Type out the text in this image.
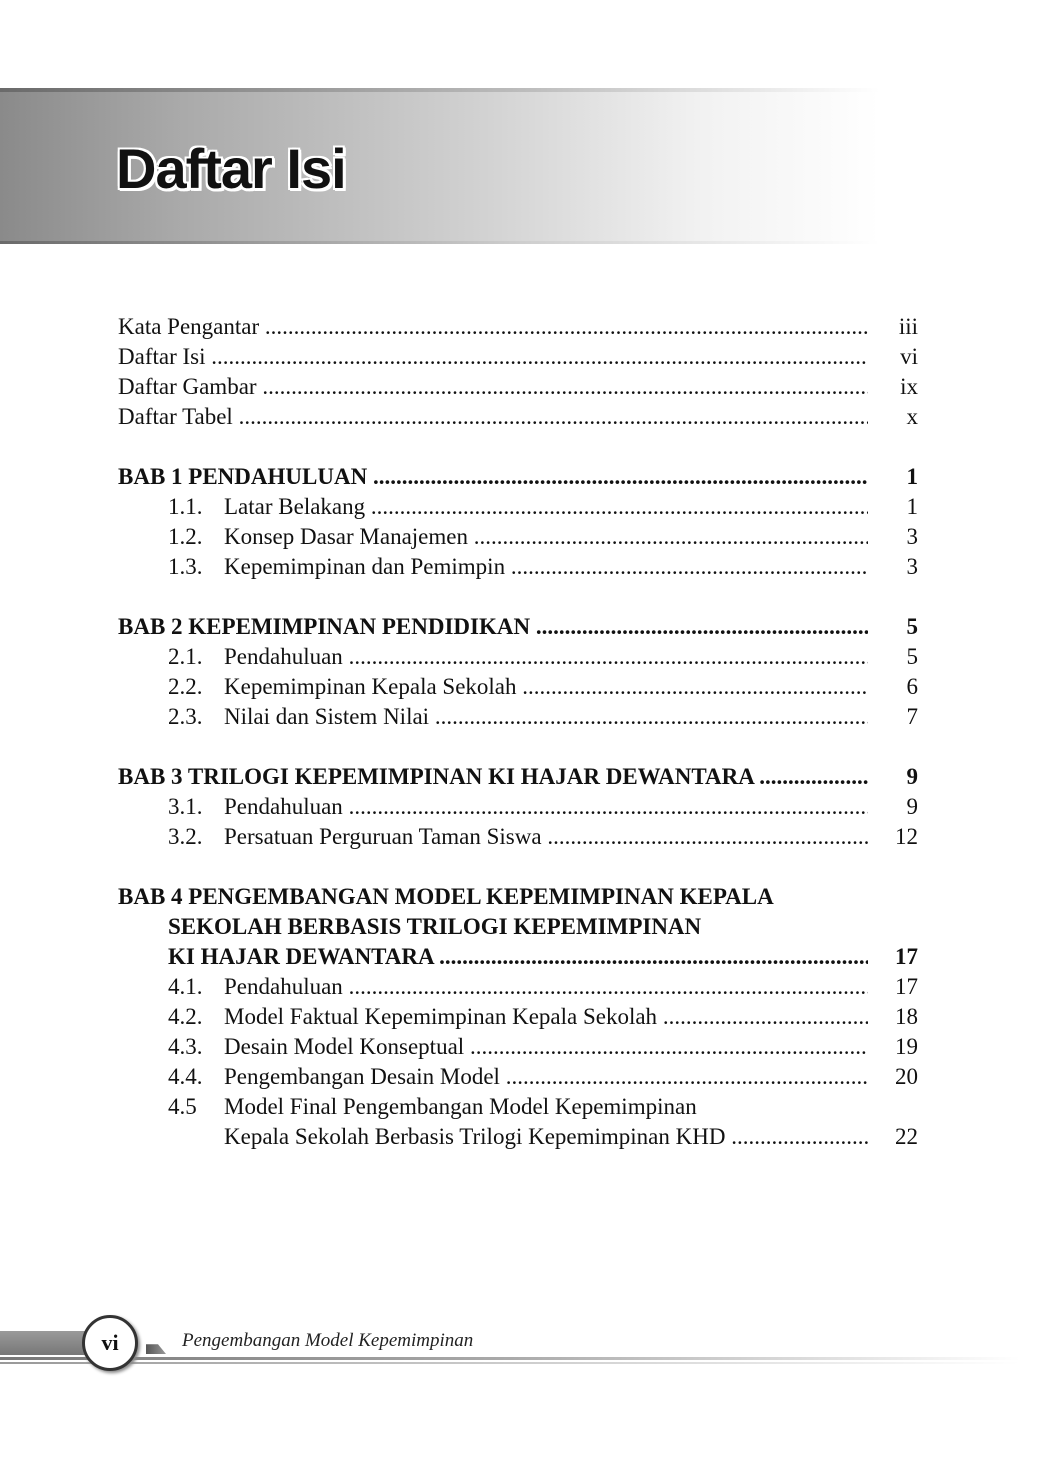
Daftar Isi
Kata Pengantar .....	iii
Daftar Isi .....	vi
Daftar Gambar .....	ix
Daftar Tabel .....	x
BAB 1 PENDAHULUAN .....	1
1.1. Latar Belakang .....	1
1.2. Konsep Dasar Manajemen .....	3
1.3. Kepemimpinan dan Pemimpin .....	3
BAB 2 KEPEMIMPINAN PENDIDIKAN .....	5
2.1. Pendahuluan .....	5
2.2. Kepemimpinan Kepala Sekolah .....	6
2.3. Nilai dan Sistem Nilai .....	7
BAB 3 TRILOGI KEPEMIMPINAN KI HAJAR DEWANTARA .....	9
3.1. Pendahuluan .....	9
3.2. Persatuan Perguruan Taman Siswa .....	12
BAB 4 PENGEMBANGAN MODEL KEPEMIMPINAN KEPALA
SEKOLAH BERBASIS TRILOGI KEPEMIMPINAN
KI HAJAR DEWANTARA .....	17
4.1. Pendahuluan .....	17
4.2. Model Faktual Kepemimpinan Kepala Sekolah .....	18
4.3. Desain Model Konseptual .....	19
4.4. Pengembangan Desain Model .....	20
4.5 Model Final Pengembangan Model Kepemimpinan
Kepala Sekolah Berbasis Trilogi Kepemimpinan KHD .....	22
vi	Pengembangan Model Kepemimpinan
